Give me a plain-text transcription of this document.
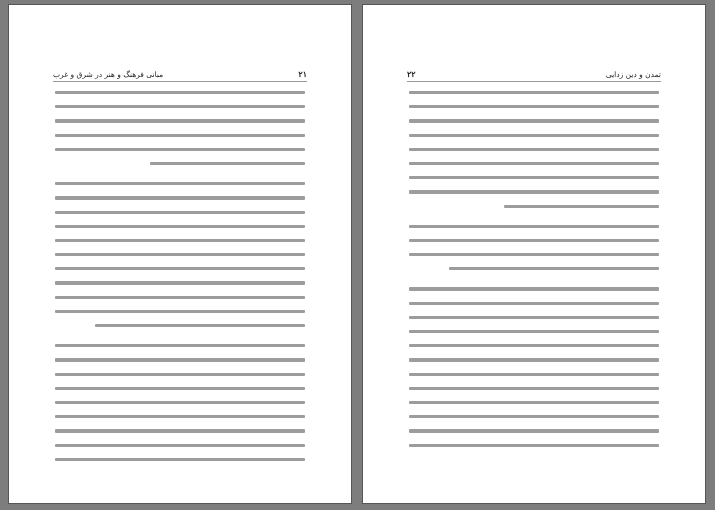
۲۱
مبانی فرهنگ و هنر در شرق و غرب	تمدن و دین زدایی
۲۲
